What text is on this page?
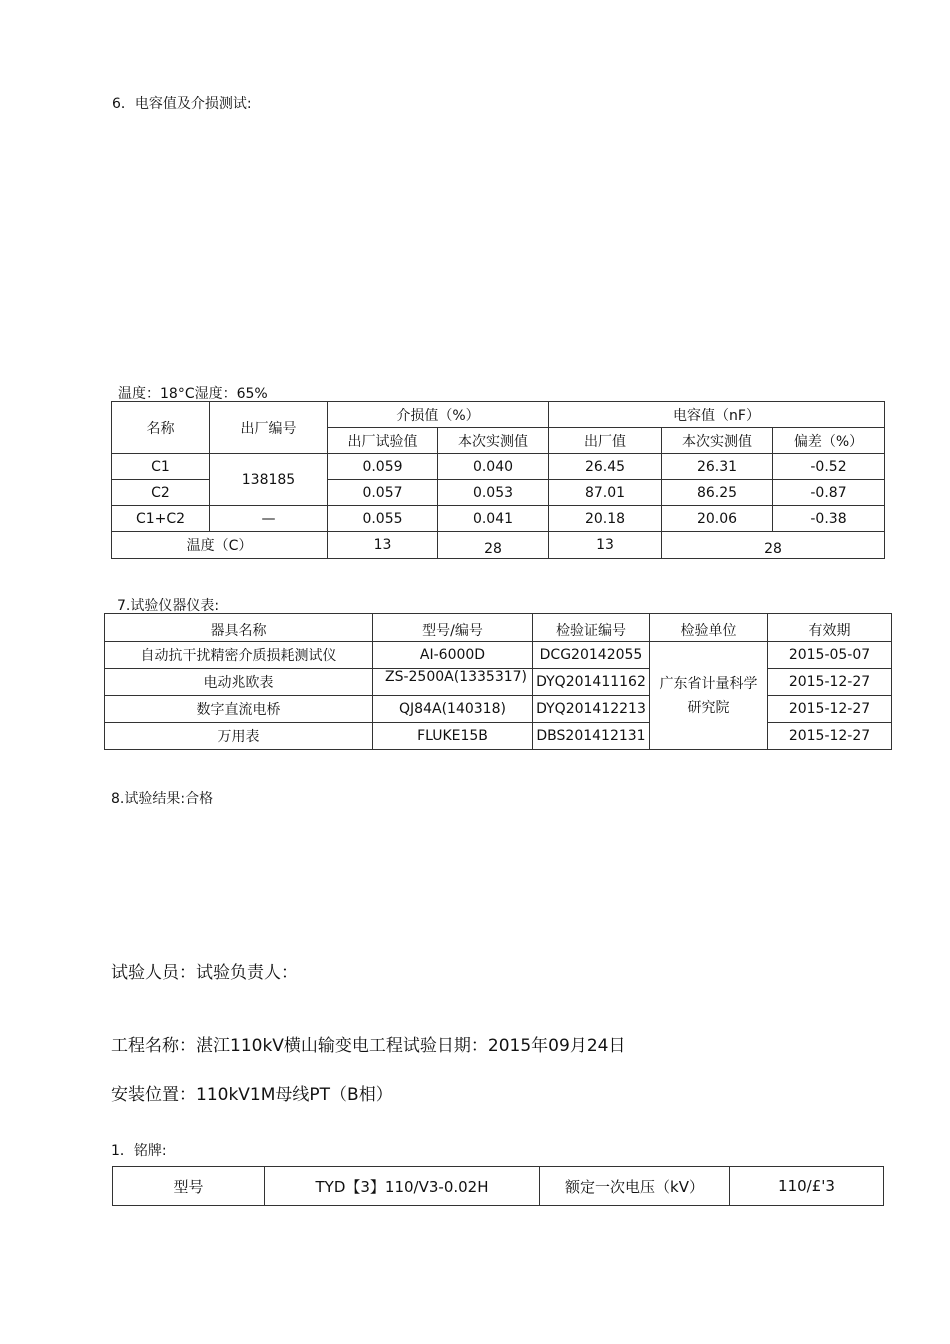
6．电容值及介损测试:
温度：18°C湿度：65%
名称	出厂编号	介损值（%）		电容值（nF）		
		出厂试验值	本次实测值	出厂值	本次实测值	偏差（%）
C1	138185	0.059	0.040	26.45	26.31	-0.52
C2		0.057	0.053	87.01	86.25	-0.87
C1+C2	—	0.055	0.041	20.18	20.06	-0.38
温度（C）		13	28	13	28	
7.试验仪器仪表:
器具名称	型号/编号	检验证编号	检验单位	有效期
自动抗干扰精密介质损耗测试仪	AI-6000D	DCG20142055	广东省计量科学研究院	2015-05-07
电动兆欧表	ZS-2500A(1335317)	DYQ201411162		2015-12-27
数字直流电桥	QJ84A(140318)	DYQ201412213		2015-12-27
万用表	FLUKE15B	DBS201412131		2015-12-27
8.试验结果:合格
试验人员：试验负责人：
工程名称：湛江110kV横山输变电工程试验日期：2015年09月24日
安装位置：110kV1M母线PT（B相）
1．铭牌:
型号	TYD【3】110/V3-0.02H	额定一次电压（kV）	110/£'3
